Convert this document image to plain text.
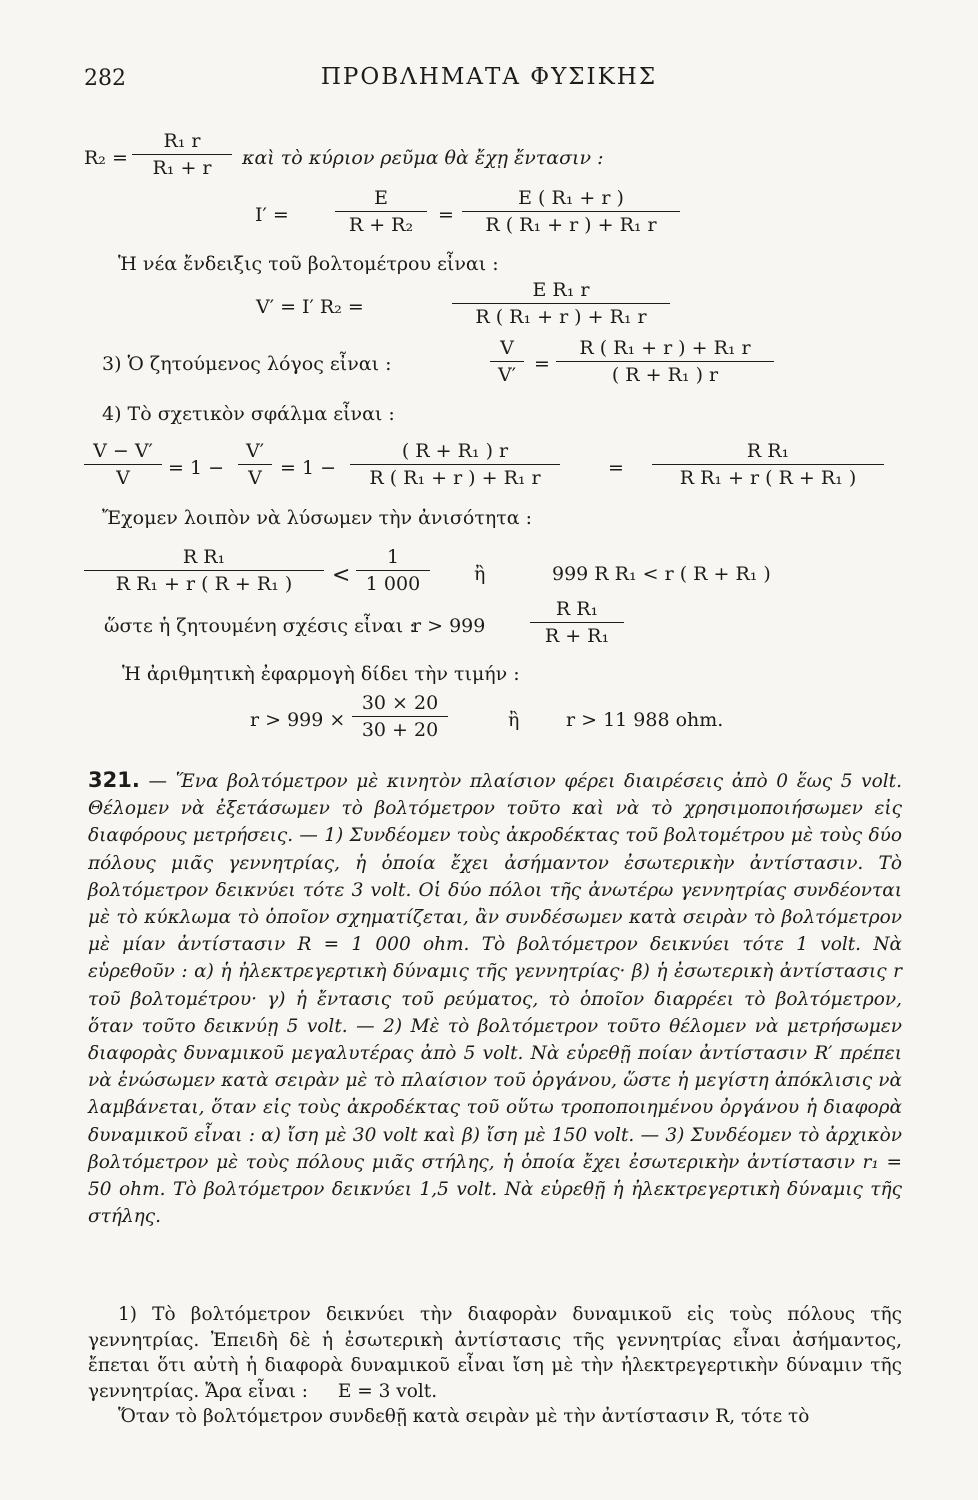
282	ΠΡΟΒΛΗΜΑΤΑ ΦΥΣΙΚΗΣ
$R_2 = \frac{\text{R₁ r}}{\text{R₁ + r}}$ καὶ τὸ κύριον ρεῦμα θὰ ἔχῃ ἔντασιν :
$I' = \frac{E}{\text{R + R₂}} = \frac{\text{E ( R₁ + r )}}{\text{R ( R₁ + r ) + R₁ r}}$
Ἡ νέα ἔνδειξις τοῦ βολτομέτρου εἶναι :
V′ = I′ R₂ =	$\frac{\text{E R₁ r}}{\text{R ( R₁ + r ) + R₁ r}}$
3) Ὁ ζητούμενος λόγος εἶναι :	$\frac{V}{V'} = \frac{\text{R ( R₁ + r ) + R₁ r}}{\text{( R + R₁ ) r}}$
4) Τὸ σχετικὸν σφάλμα εἶναι :
$\frac{V - V'}{V} = 1 - \frac{V'}{V} = 1 - \frac{\text{( R + R₁ ) r}}{\text{R ( R₁ + r ) + R₁ r}}$	= $\frac{\text{R R₁}}{\text{R R₁ + r ( R + R₁ )}}$
Ἔχομεν λοιπὸν νὰ λύσωμεν τὴν ἀνισότητα :
$\frac{\text{R R₁}}{\text{R R₁ + r ( R + R₁ )}} < \frac{1}{1 000}$ ἢ	999 R R₁ < r ( R + R₁ )
ὥστε ἡ ζητουμένη σχέσις εἶναι :
$r > 999 \frac{\text{R R₁}}{\text{R + R₁}}$
Ἡ ἀριθμητικὴ ἐφαρμογὴ δίδει τὴν τιμήν :
$r > 999 \times \frac{30 \times 20}{30 + 20}$	ἢ r > 11 988 ohm.
321. — Ἕνα βολτόμετρον μὲ κινητὸν πλαίσιον φέρει διαιρέσεις ἀπὸ 0 ἕως 5 volt. Θέλομεν νὰ ἐξετάσωμεν τὸ βολτόμετρον τοῦτο καὶ νὰ τὸ χρησιμοποιήσωμεν εἰς διαφόρους μετρήσεις. — 1) Συνδέομεν τοὺς ἀκροδέκτας τοῦ βολτομέτρου μὲ τοὺς δύο πόλους μιᾶς γεννητρίας, ἡ ὁποία ἔχει ἀσήμαντον ἐσωτερικὴν ἀντίστασιν. Τὸ βολτόμετρον δεικνύει τότε 3 volt. Οἱ δύο πόλοι τῆς ἀνωτέρω γεννητρίας συνδέονται μὲ τὸ κύκλωμα τὸ ὁποῖον σχηματίζεται, ἂν συνδέσωμεν κατὰ σειρὰν τὸ βολτόμετρον μὲ μίαν ἀντίστασιν R = 1 000 ohm. Τὸ βολτόμετρον δεικνύει τότε 1 volt. Νὰ εὑρεθοῦν : α) ἡ ἠλεκτρεγερτικὴ δύναμις τῆς γεννητρίας· β) ἡ ἐσωτερικὴ ἀντίστασις r τοῦ βολτομέτρου· γ) ἡ ἔντασις τοῦ ρεύματος, τὸ ὁποῖον διαρρέει τὸ βολτόμετρον, ὅταν τοῦτο δεικνύῃ 5 volt. — 2) Μὲ τὸ βολτόμετρον τοῦτο θέλομεν νὰ μετρήσωμεν διαφορὰς δυναμικοῦ μεγαλυτέρας ἀπὸ 5 volt. Νὰ εὑρεθῇ ποίαν ἀντίστασιν R′ πρέπει νὰ ἑνώσωμεν κατὰ σειρὰν μὲ τὸ πλαίσιον τοῦ ὀργάνου, ὥστε ἡ μεγίστη ἀπόκλισις νὰ λαμβάνεται, ὅταν εἰς τοὺς ἀκροδέκτας τοῦ οὕτω τροποποιημένου ὀργάνου ἡ διαφορὰ δυναμικοῦ εἶναι : α) ἴση μὲ 30 volt καὶ β) ἴση μὲ 150 volt. — 3) Συνδέομεν τὸ ἀρχικὸν βολτόμετρον μὲ τοὺς πόλους μιᾶς στήλης, ἡ ὁποία ἔχει ἐσωτερικὴν ἀντίστασιν r₁ = 50 ohm. Τὸ βολτόμετρον δεικνύει 1,5 volt. Νὰ εὑρεθῇ ἡ ἠλεκτρεγερτικὴ δύναμις τῆς στήλης.
1) Τὸ βολτόμετρον δεικνύει τὴν διαφορὰν δυναμικοῦ εἰς τοὺς πόλους τῆς γεννητρίας. Ἐπειδὴ δὲ ἡ ἐσωτερικὴ ἀντίστασις τῆς γεννητρίας εἶναι ἀσήμαντος, ἔπεται ὅτι αὐτὴ ἡ διαφορὰ δυναμικοῦ εἶναι ἴση μὲ τὴν ἠλεκτρεγερτικὴν δύναμιν τῆς γεννητρίας. Ἄρα εἶναι : E = 3 volt.
Ὅταν τὸ βολτόμετρον συνδεθῇ κατὰ σειρὰν μὲ τὴν ἀντίστασιν R, τότε τὸ
